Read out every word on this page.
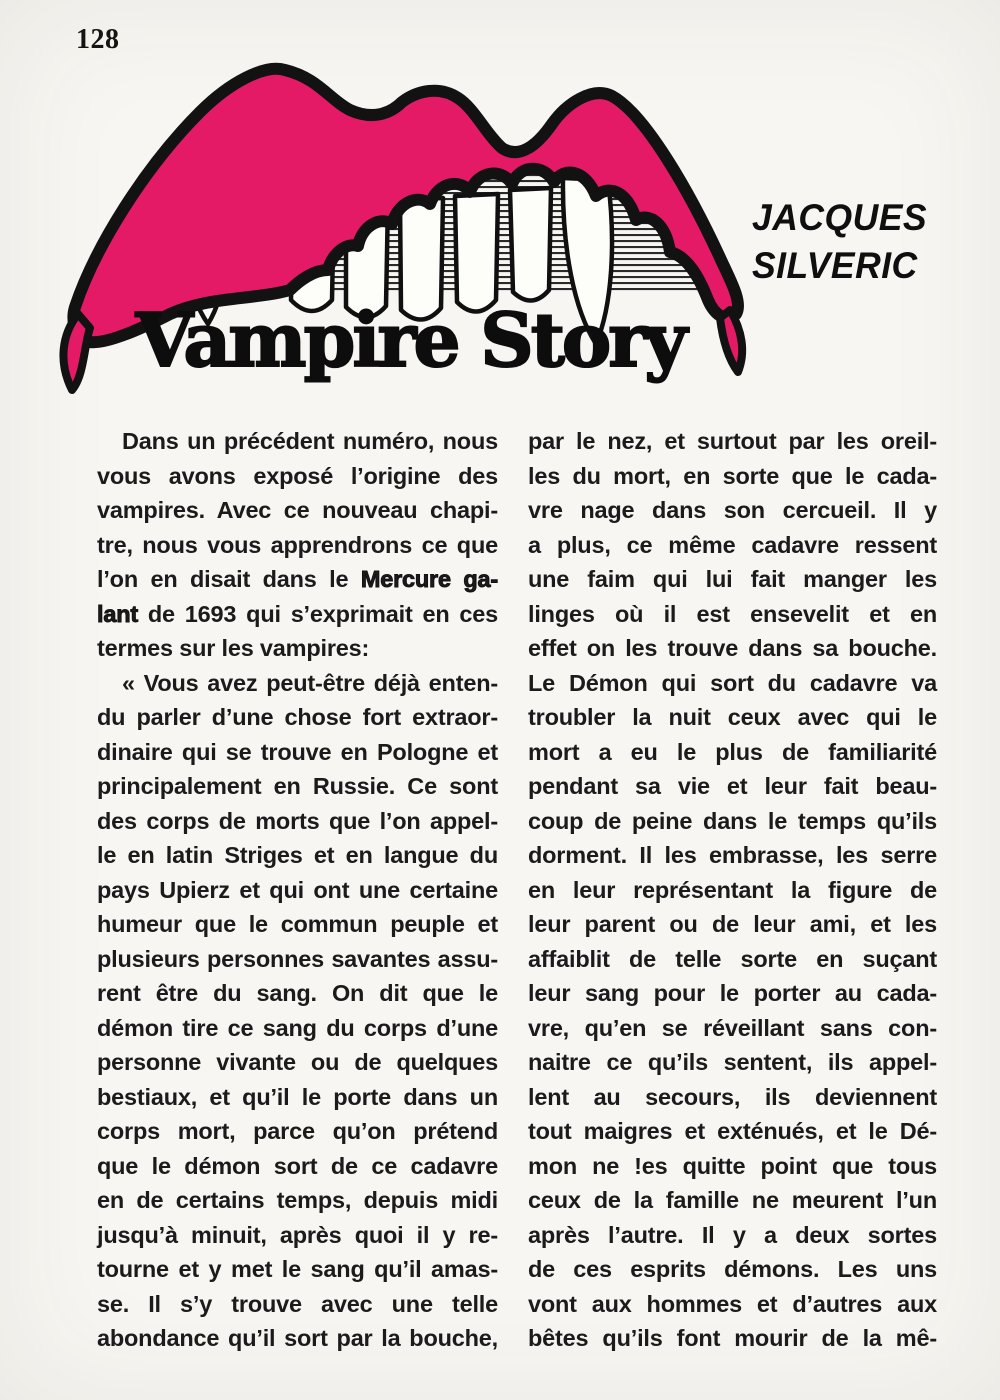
128
JACQUES
SILVERIC
Vampire Story
Dans un précédent numéro, nous
vous avons exposé l’origine des
vampires. Avec ce nouveau chapi-
tre, nous vous apprendrons ce que
l’on en disait dans le Mercure ga-
lant de 1693 qui s’exprimait en ces
termes sur les vampires:
« Vous avez peut-être déjà enten-
du parler d’une chose fort extraor-
dinaire qui se trouve en Pologne et
principalement en Russie. Ce sont
des corps de morts que l’on appel-
le en latin Striges et en langue du
pays Upierz et qui ont une certaine
humeur que le commun peuple et
plusieurs personnes savantes assu-
rent être du sang. On dit que le
démon tire ce sang du corps d’une
personne vivante ou de quelques
bestiaux, et qu’il le porte dans un
corps mort, parce qu’on prétend
que le démon sort de ce cadavre
en de certains temps, depuis midi
jusqu’à minuit, après quoi il y re-
tourne et y met le sang qu’il amas-
se. Il s’y trouve avec une telle
abondance qu’il sort par la bouche,
par le nez, et surtout par les oreil-
les du mort, en sorte que le cada-
vre nage dans son cercueil. Il y
a plus, ce même cadavre ressent
une faim qui lui fait manger les
linges où il est ensevelit et en
effet on les trouve dans sa bouche.
Le Démon qui sort du cadavre va
troubler la nuit ceux avec qui le
mort a eu le plus de familiarité
pendant sa vie et leur fait beau-
coup de peine dans le temps qu’ils
dorment. Il les embrasse, les serre
en leur représentant la figure de
leur parent ou de leur ami, et les
affaiblit de telle sorte en suçant
leur sang pour le porter au cada-
vre, qu’en se réveillant sans con-
naitre ce qu’ils sentent, ils appel-
lent au secours, ils deviennent
tout maigres et exténués, et le Dé-
mon ne !es quitte point que tous
ceux de la famille ne meurent l’un
après l’autre. Il y a deux sortes
de ces esprits démons. Les uns
vont aux hommes et d’autres aux
bêtes qu’ils font mourir de la mê-
